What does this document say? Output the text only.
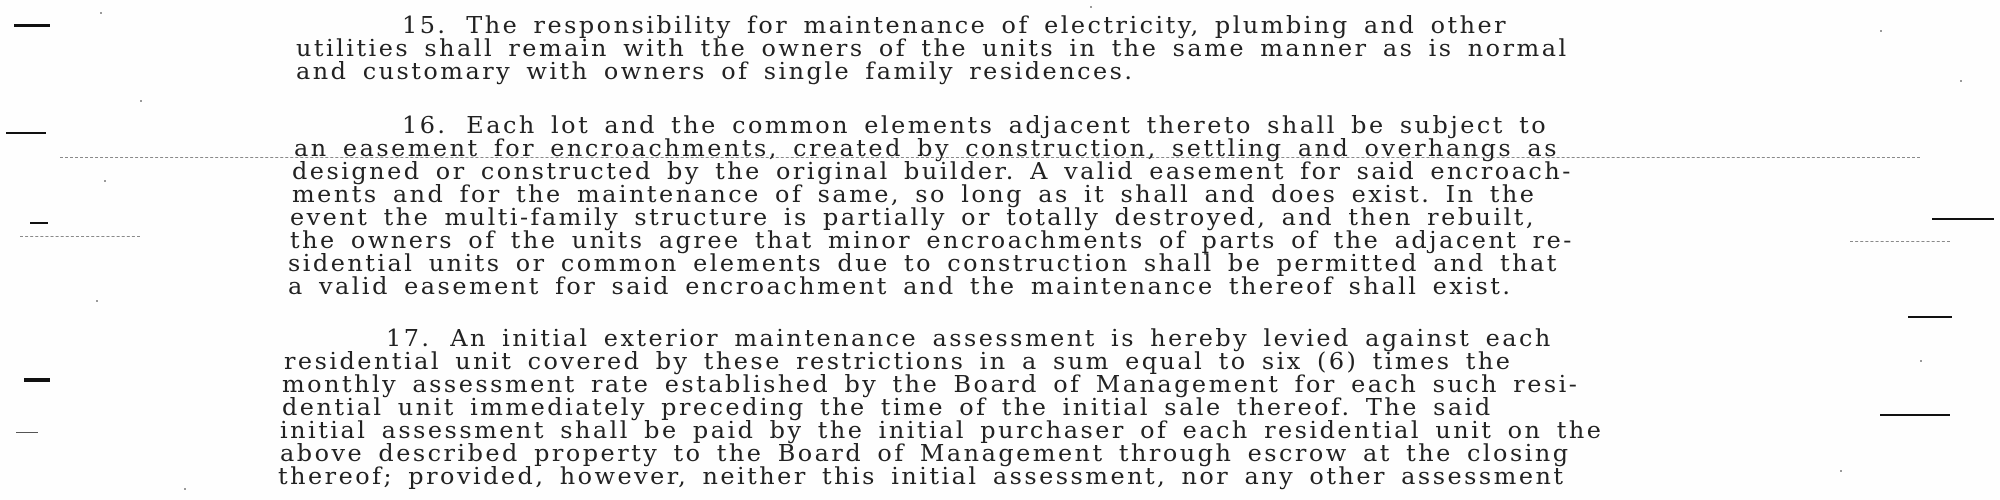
15. The responsibility for maintenance of electricity, plumbing and other
utilities shall remain with the owners of the units in the same manner as is normal
and customary with owners of single family residences.
16. Each lot and the common elements adjacent thereto shall be subject to
an easement for encroachments, created by construction, settling and overhangs as
designed or constructed by the original builder. A valid easement for said encroach-
ments and for the maintenance of same, so long as it shall and does exist. In the
event the multi-family structure is partially or totally destroyed, and then rebuilt,
the owners of the units agree that minor encroachments of parts of the adjacent re-
sidential units or common elements due to construction shall be permitted and that
a valid easement for said encroachment and the maintenance thereof shall exist.
17. An initial exterior maintenance assessment is hereby levied against each
residential unit covered by these restrictions in a sum equal to six (6) times the
monthly assessment rate established by the Board of Management for each such resi-
dential unit immediately preceding the time of the initial sale thereof. The said
initial assessment shall be paid by the initial purchaser of each residential unit on the
above described property to the Board of Management through escrow at the closing
thereof; provided, however, neither this initial assessment, nor any other assessment
